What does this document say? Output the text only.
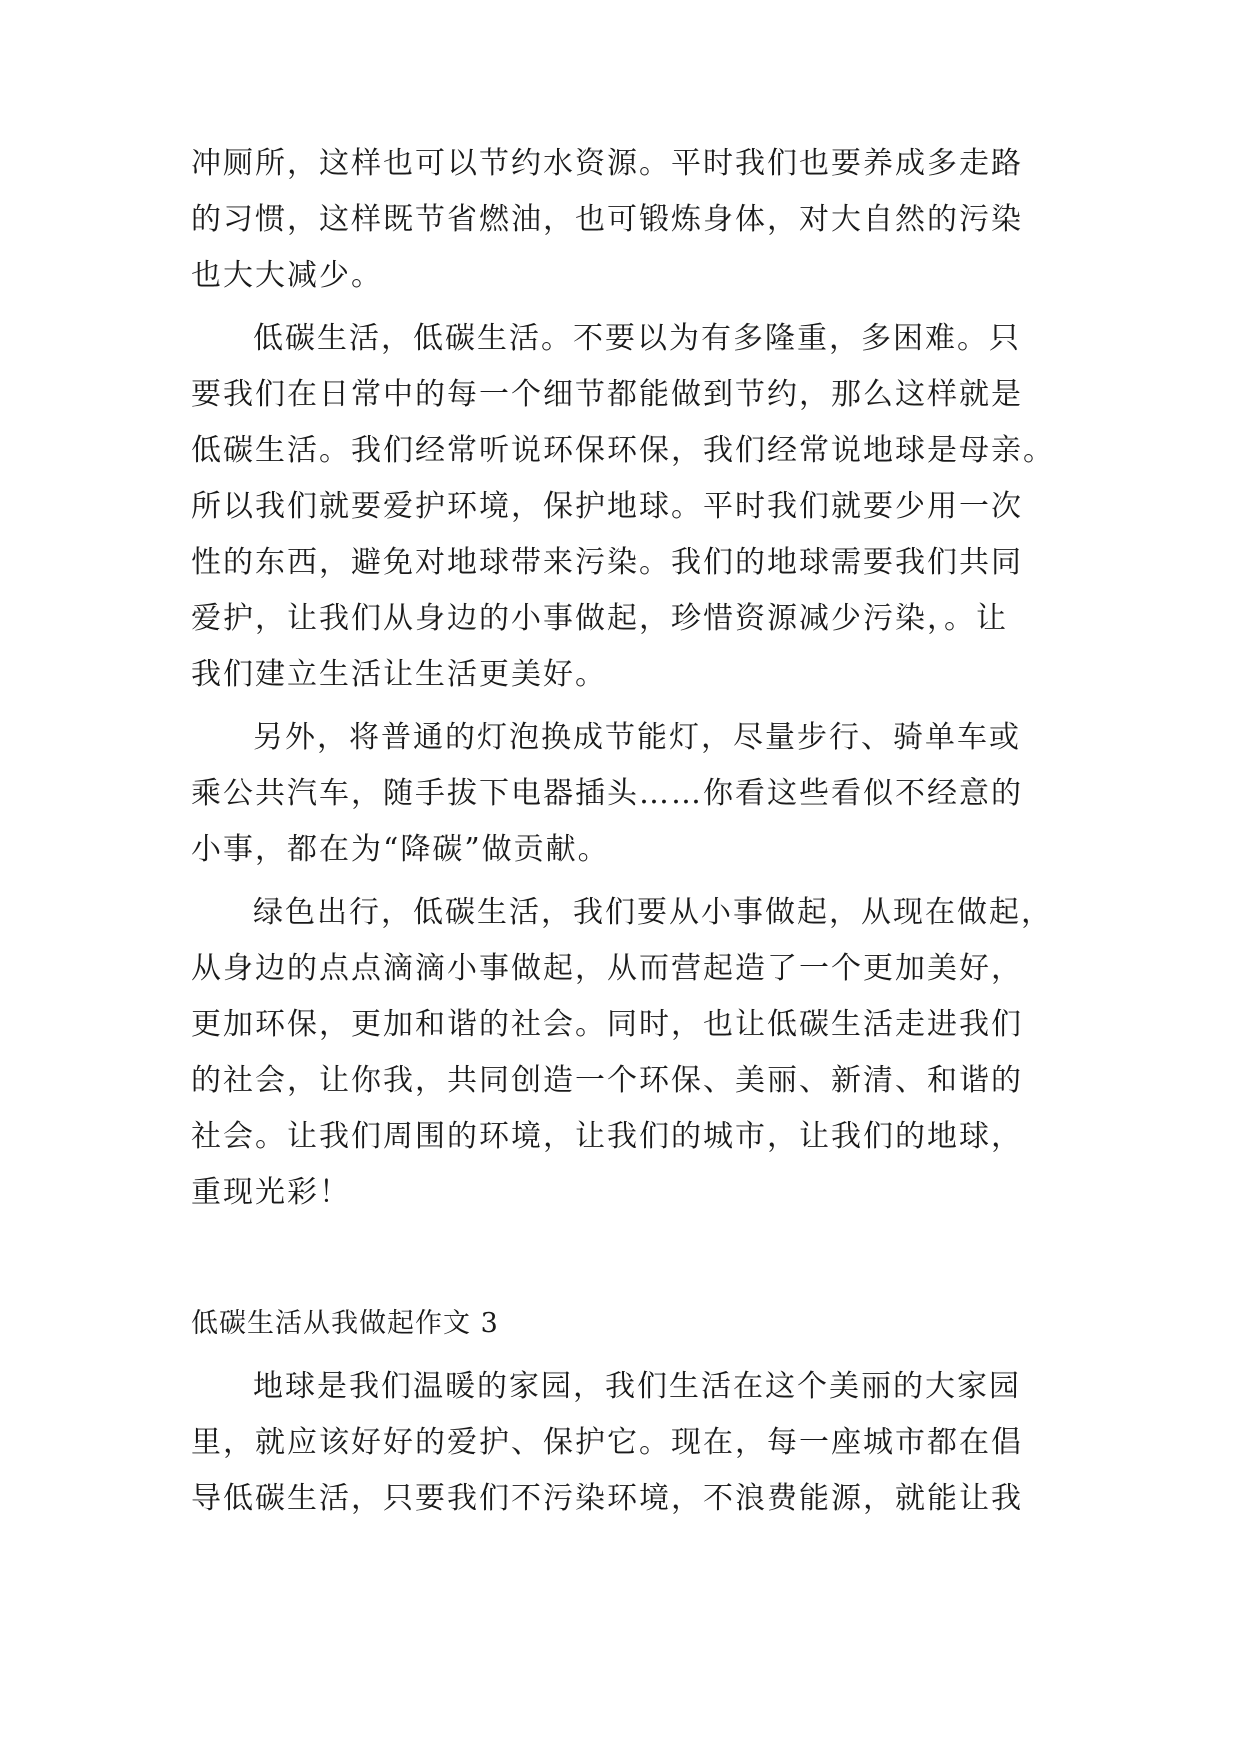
冲厕所，这样也可以节约水资源。平时我们也要养成多走路
的习惯，这样既节省燃油，也可锻炼身体，对大自然的污染
也大大减少。
低碳生活，低碳生活。不要以为有多隆重，多困难。只
要我们在日常中的每一个细节都能做到节约，那么这样就是
低碳生活。我们经常听说环保环保，我们经常说地球是母亲。
所以我们就要爱护环境，保护地球。平时我们就要少用一次
性的东西，避免对地球带来污染。我们的地球需要我们共同
爱护，让我们从身边的小事做起，珍惜资源减少污染，。让
我们建立生活让生活更美好。
另外，将普通的灯泡换成节能灯，尽量步行、骑单车或
乘公共汽车，随手拔下电器插头……你看这些看似不经意的
小事，都在为“降碳”做贡献。
绿色出行，低碳生活，我们要从小事做起，从现在做起，
从身边的点点滴滴小事做起，从而营起造了一个更加美好，
更加环保，更加和谐的社会。同时，也让低碳生活走进我们
的社会，让你我，共同创造一个环保、美丽、新清、和谐的
社会。让我们周围的环境，让我们的城市，让我们的地球，
重现光彩！
低碳生活从我做起作文 3
地球是我们温暖的家园，我们生活在这个美丽的大家园
里，就应该好好的爱护、保护它。现在，每一座城市都在倡
导低碳生活，只要我们不污染环境，不浪费能源，就能让我
